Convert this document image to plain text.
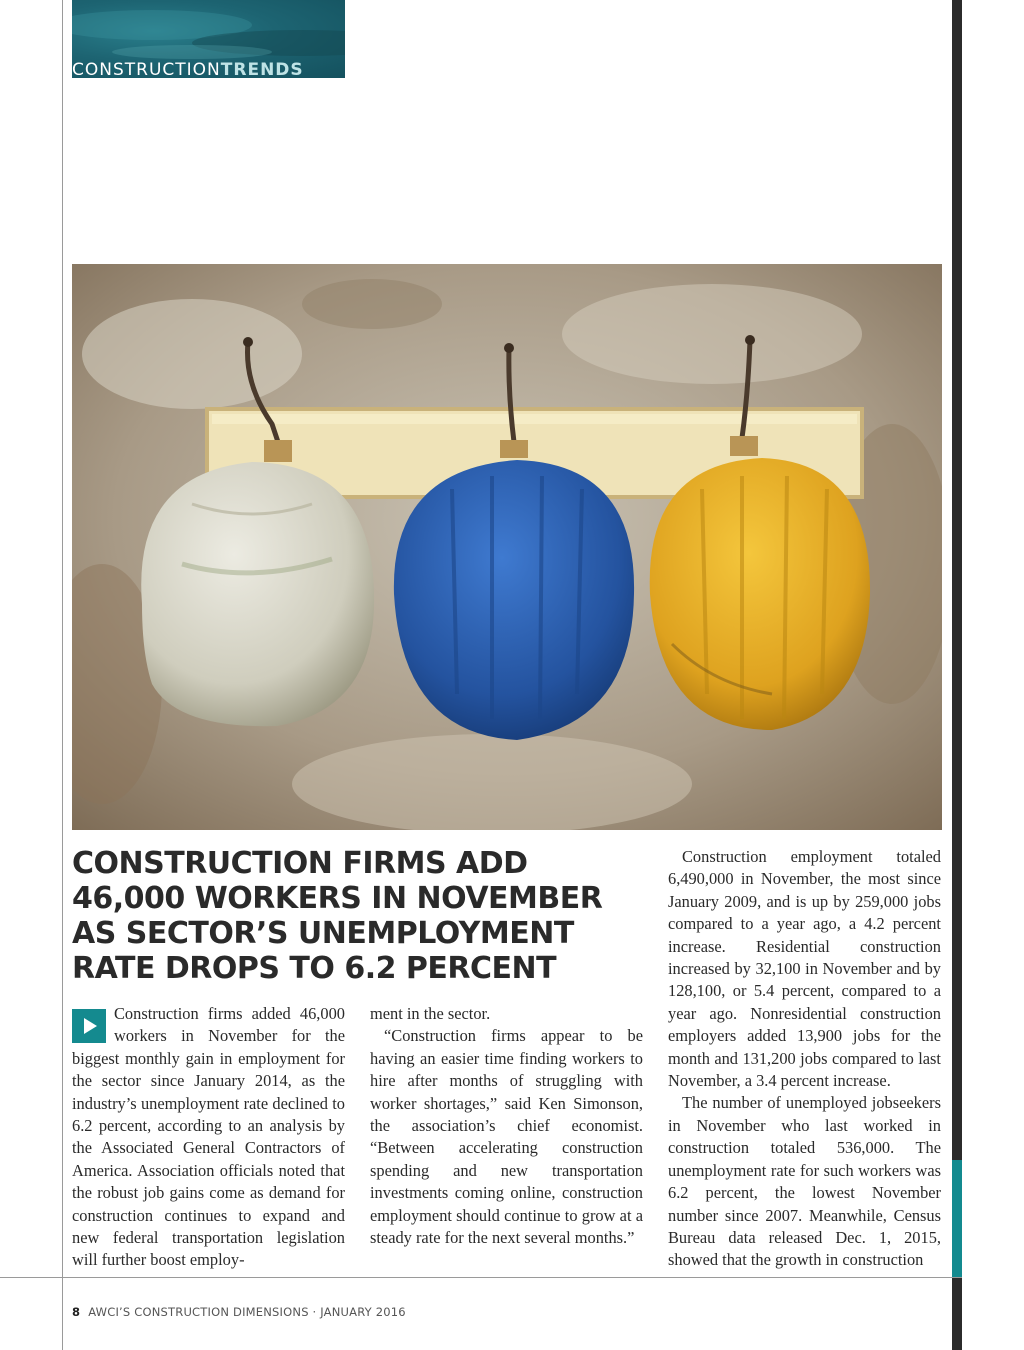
CONSTRUCTIONTRENDS
CONSTRUCTION FIRMS ADD 46,000 WORKERS IN NOVEMBER AS SECTOR’S UNEMPLOYMENT RATE DROPS TO 6.2 PERCENT

Construction firms added 46,000 workers in November for the biggest monthly gain in employment for the sector since January 2014, as the industry’s unemployment rate declined to 6.2 percent, according to an analysis by the Associated General Contractors of America. Association officials noted that the robust job gains come as demand for construction continues to expand and new federal transportation legislation will further boost employ-

ment in the sector.

“Construction firms appear to be having an easier time finding workers to hire after months of struggling with worker shortages,” said Ken Simonson, the association’s chief economist. “Between accelerating construction spending and new transportation investments coming online, construction employment should continue to grow at a steady rate for the next several months.”

Construction employment totaled 6,490,000 in November, the most since January 2009, and is up by 259,000 jobs compared to a year ago, a 4.2 percent increase. Residential construction increased by 32,100 in November and by 128,100, or 5.4 percent, compared to a year ago. Nonresidential construction employers added 13,900 jobs for the month and 131,200 jobs compared to last November, a 3.4 percent increase.

The number of unemployed jobseekers in November who last worked in construction totaled 536,000. The unemployment rate for such workers was 6.2 percent, the lowest November number since 2007. Meanwhile, Census Bureau data released Dec. 1, 2015, showed that the growth in construction

8 AWCI’S CONSTRUCTION DIMENSIONS · JANUARY 2016
